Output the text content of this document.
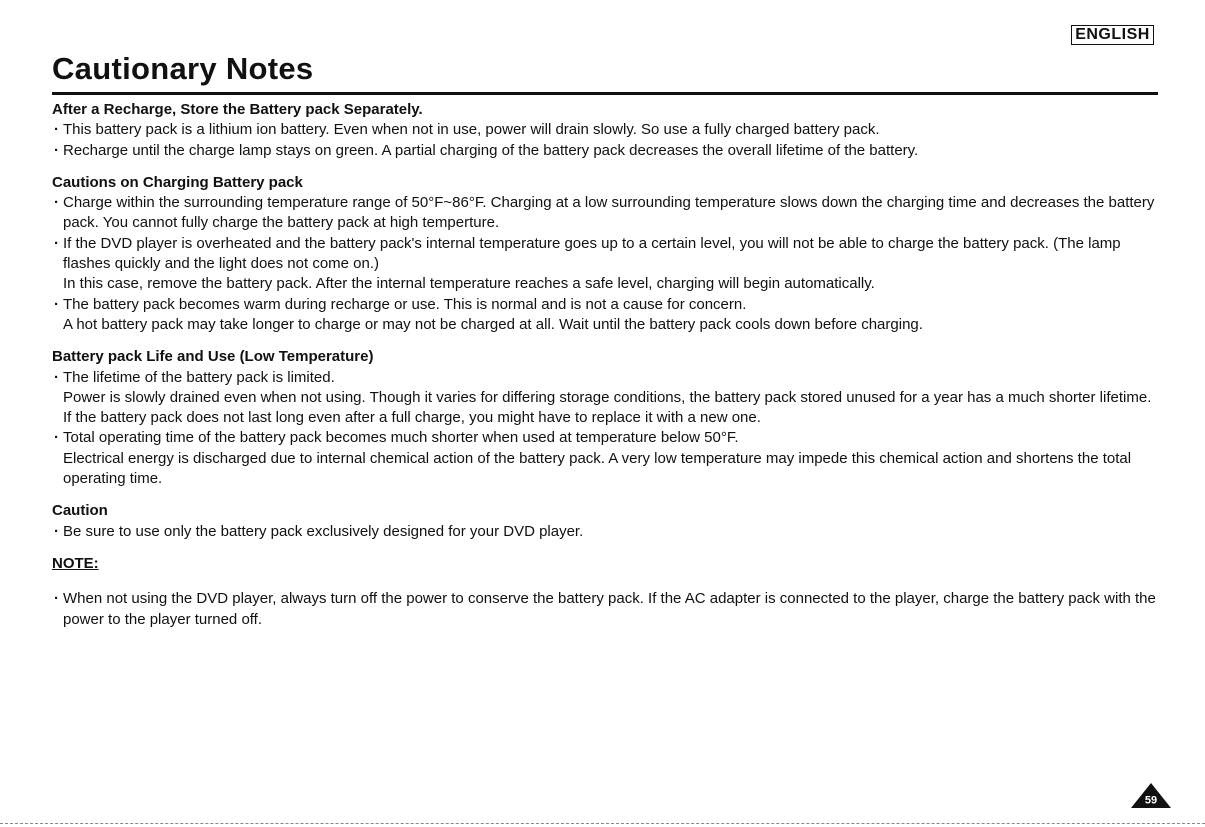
ENGLISH
Cautionary Notes

After a Recharge, Store the Battery pack Separately.

· This battery pack is a lithium ion battery. Even when not in use, power will drain slowly. So use a fully charged battery pack.
· Recharge until the charge lamp stays on green. A partial charging of the battery pack decreases the overall lifetime of the battery.

Cautions on Charging Battery pack

· Charge within the surrounding temperature range of 50°F~86°F. Charging at a low surrounding temperature slows down the charging time and decreases the battery pack. You cannot fully charge the battery pack at high temperture.
· If the DVD player is overheated and the battery pack's internal temperature goes up to a certain level, you will not be able to charge the battery pack. (The lamp flashes quickly and the light does not come on.)
In this case, remove the battery pack. After the internal temperature reaches a safe level, charging will begin automatically.
· The battery pack becomes warm during recharge or use. This is normal and is not a cause for concern.
A hot battery pack may take longer to charge or may not be charged at all. Wait until the battery pack cools down before charging.

Battery pack Life and Use (Low Temperature)

· The lifetime of the battery pack is limited.
Power is slowly drained even when not using. Though it varies for differing storage conditions, the battery pack stored unused for a year has a much shorter lifetime.
If the battery pack does not last long even after a full charge, you might have to replace it with a new one.
· Total operating time of the battery pack becomes much shorter when used at temperature below 50°F.
Electrical energy is discharged due to internal chemical action of the battery pack. A very low temperature may impede this chemical action and shortens the total operating time.

Caution

· Be sure to use only the battery pack exclusively designed for your DVD player.

NOTE:

· When not using the DVD player, always turn off the power to conserve the battery pack. If the AC adapter is connected to the player, charge the battery pack with the power to the player turned off.
59
